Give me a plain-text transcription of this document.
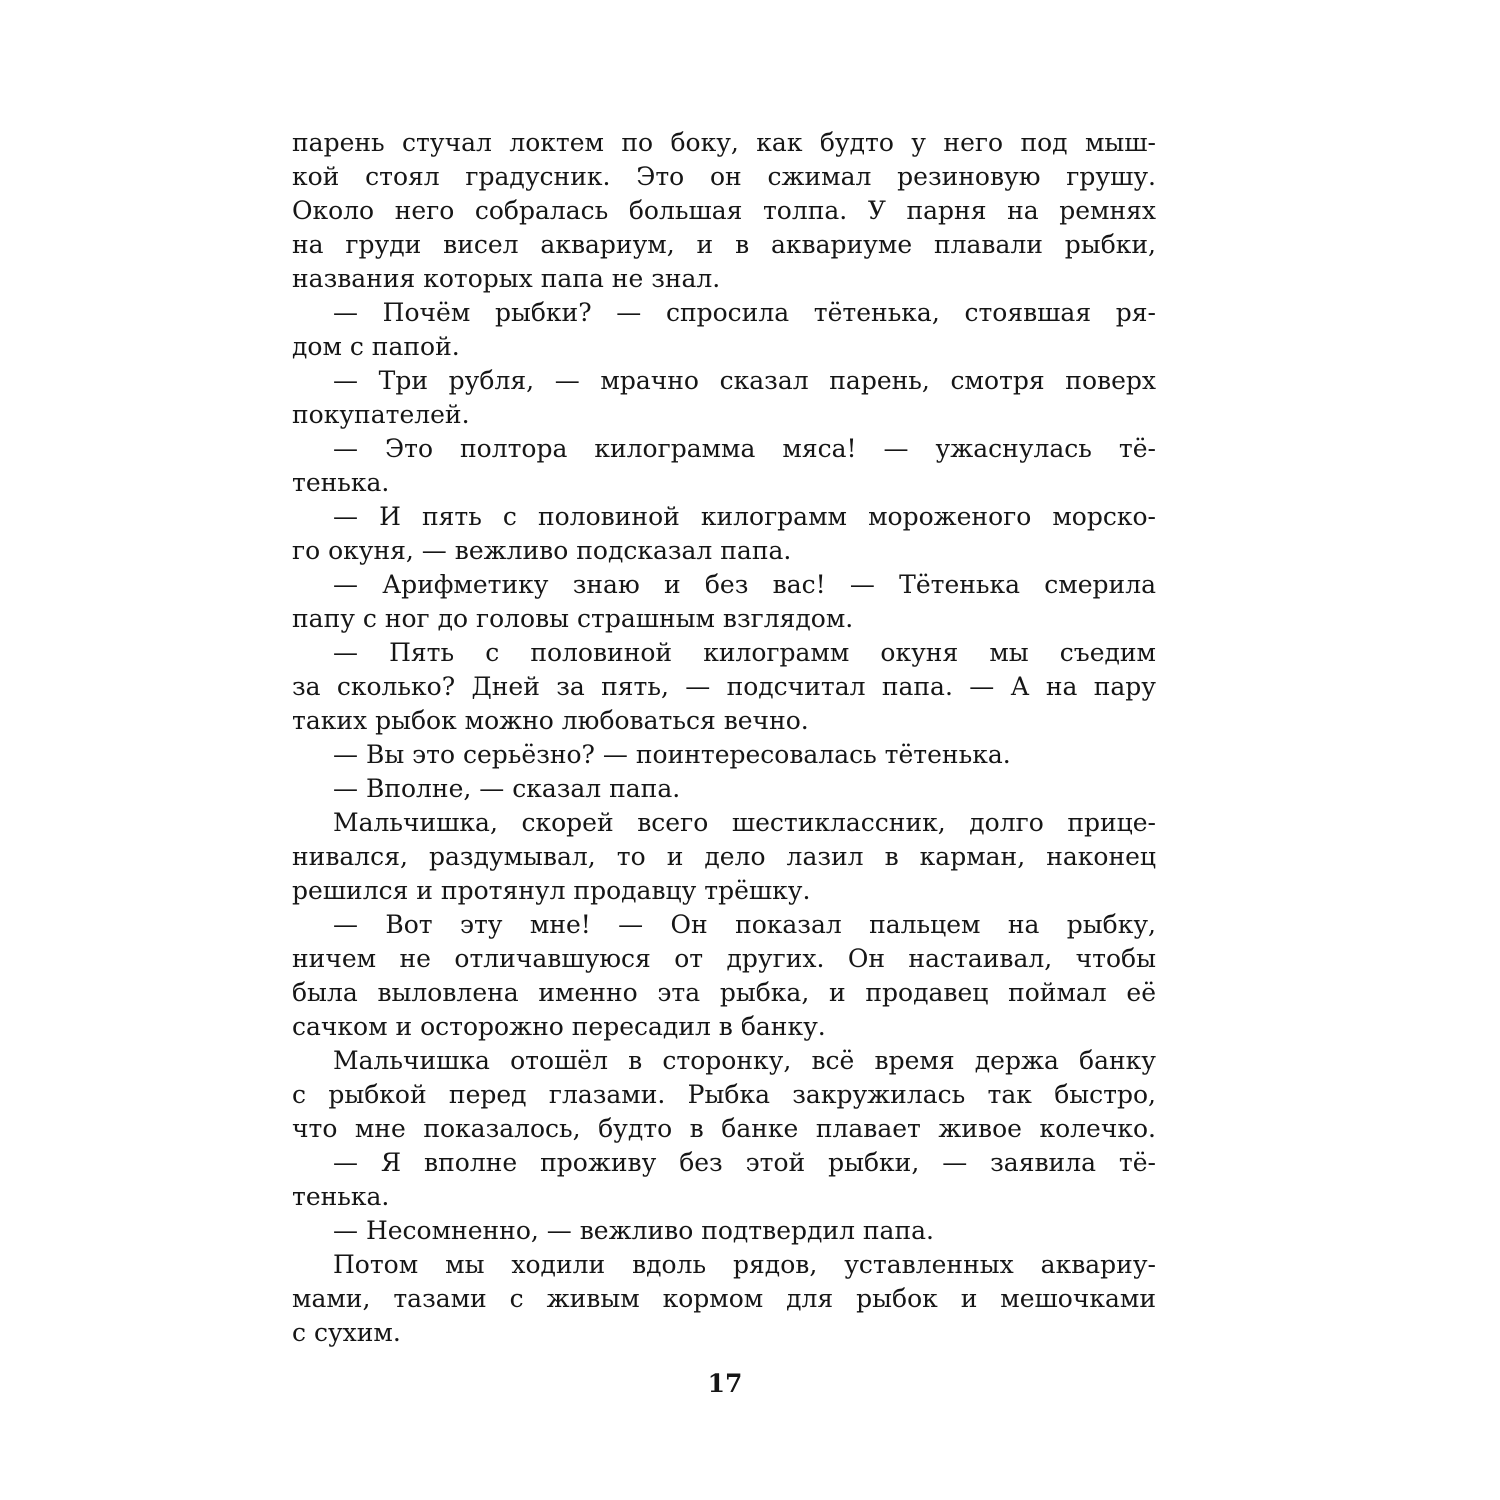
парень стучал локтем по боку, как будто у него под мыш-
кой стоял градусник. Это он сжимал резиновую грушу.
Около него собралась большая толпа. У парня на ремнях
на груди висел аквариум, и в аквариуме плавали рыбки,
названия которых папа не знал.
— Почём рыбки? — спросила тётенька, стоявшая ря-
дом с папой.
— Три рубля, — мрачно сказал парень, смотря поверх
покупателей.
— Это полтора килограмма мяса! — ужаснулась тё-
тенька.
— И пять с половиной килограмм мороженого морско-
го окуня, — вежливо подсказал папа.
— Арифметику знаю и без вас! — Тётенька смерила
папу с ног до головы страшным взглядом.
— Пять с половиной килограмм окуня мы съедим
за сколько? Дней за пять, — подсчитал папа. — А на пару
таких рыбок можно любоваться вечно.
— Вы это серьёзно? — поинтересовалась тётенька.
— Вполне, — сказал папа.
Мальчишка, скорей всего шестиклассник, долго прице-
нивался, раздумывал, то и дело лазил в карман, наконец
решился и протянул продавцу трёшку.
— Вот эту мне! — Он показал пальцем на рыбку,
ничем не отличавшуюся от других. Он настаивал, чтобы
была выловлена именно эта рыбка, и продавец поймал её
сачком и осторожно пересадил в банку.
Мальчишка отошёл в сторонку, всё время держа банку
с рыбкой перед глазами. Рыбка закружилась так быстро,
что мне показалось, будто в банке плавает живое колечко.
— Я вполне проживу без этой рыбки, — заявила тё-
тенька.
— Несомненно, — вежливо подтвердил папа.
Потом мы ходили вдоль рядов, уставленных аквариу-
мами, тазами с живым кормом для рыбок и мешочками
с сухим.
17
